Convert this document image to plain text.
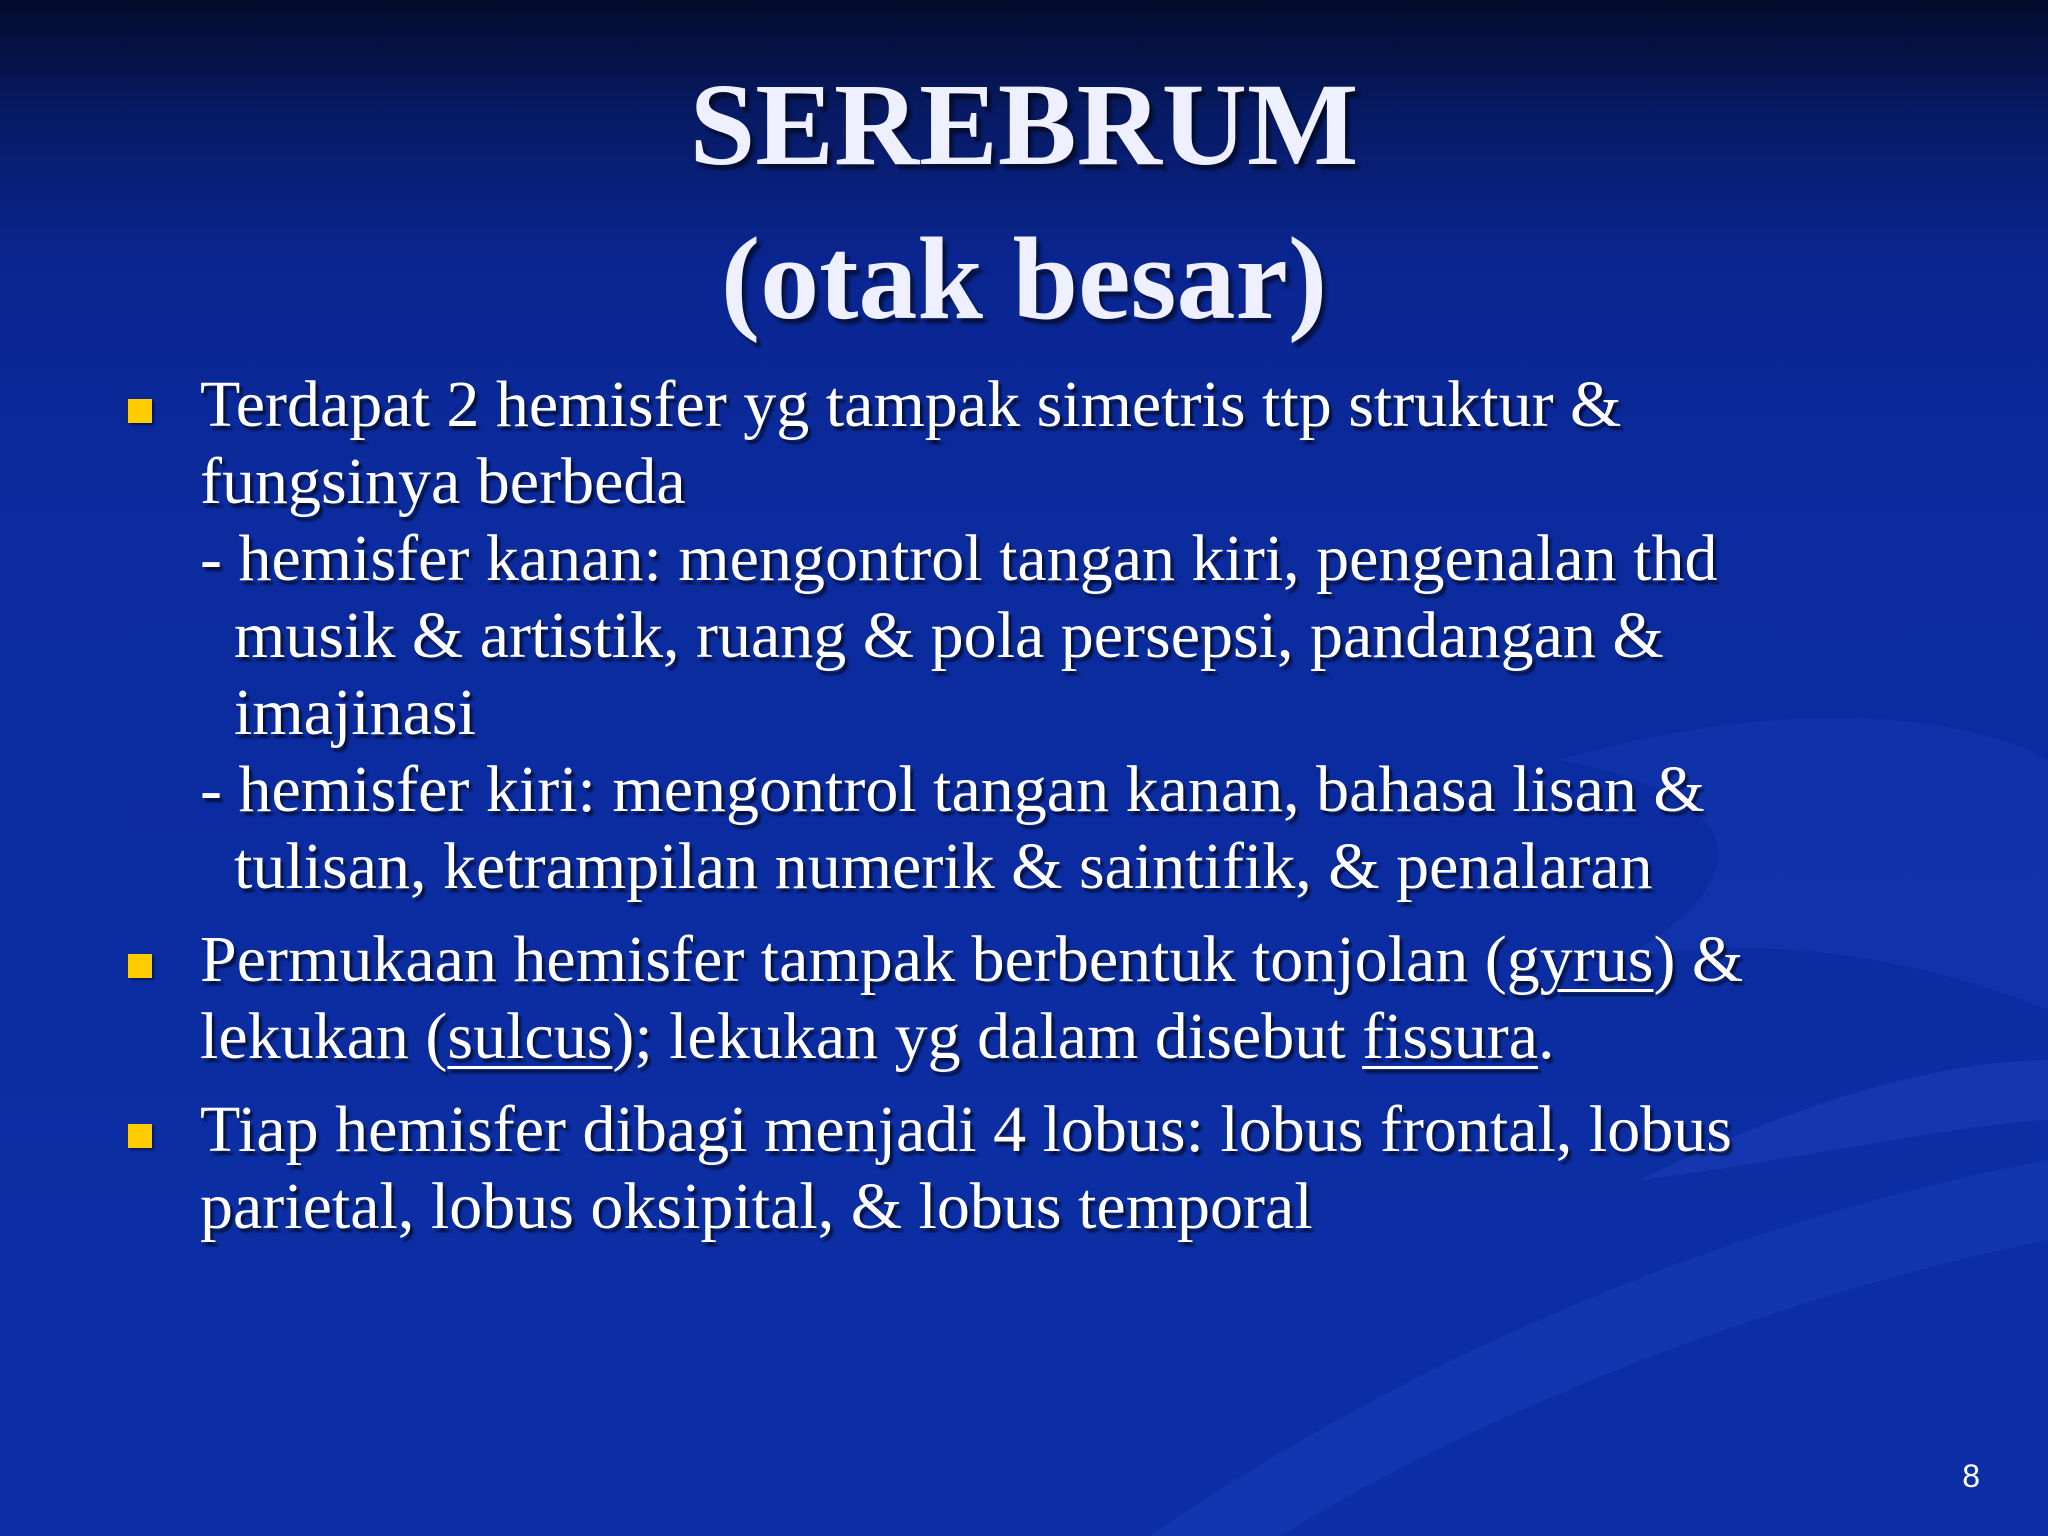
SEREBRUM
(otak besar)
Terdapat 2 hemisfer yg tampak simetris ttp struktur &
fungsinya berbeda
- hemisfer kanan: mengontrol tangan kiri, pengenalan thd
musik & artistik, ruang & pola persepsi, pandangan &
imajinasi
- hemisfer kiri: mengontrol tangan kanan, bahasa lisan &
tulisan, ketrampilan numerik & saintifik, & penalaran
Permukaan hemisfer tampak berbentuk tonjolan (gyrus) &
lekukan (sulcus); lekukan yg dalam disebut fissura.
Tiap hemisfer dibagi menjadi 4 lobus: lobus frontal, lobus
parietal, lobus oksipital, & lobus temporal
8
